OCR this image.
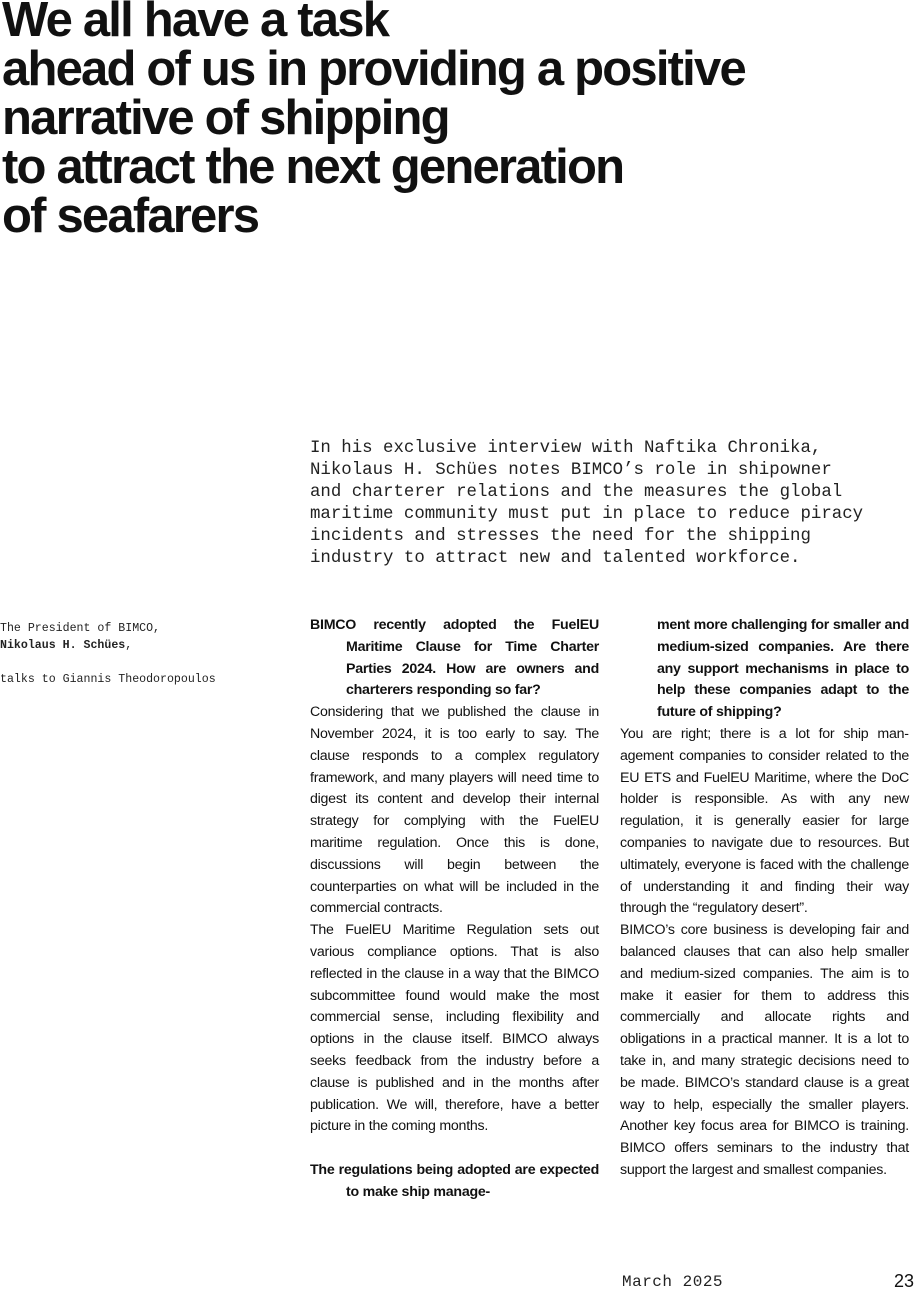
We all have a task
ahead of us in providing a positive
narrative of shipping
to attract the next generation
of seafarers
In his exclusive interview with Naftika Chronika,
Nikolaus H. Schües notes BIMCO’s role in shipowner
and charterer relations and the measures the global
maritime community must put in place to reduce piracy
incidents and stresses the need for the shipping
industry to attract new and talented workforce.

The President of BIMCO,

Nikolaus H. Schües,

talks to Giannis Theodoropoulos

BIMCO recently adopted the FuelEU Maritime Clause for Time Charter Parties 2024. How are owners and charterers responding so far?

Considering that we published the clause in November 2024, it is too early to say. The clause responds to a complex regulatory framework, and many players will need time to digest its content and develop their internal strategy for complying with the FuelEU maritime regulation. Once this is done, discussions will begin between the counterparties on what will be included in the commercial contracts.

The FuelEU Maritime Regulation sets out various compliance options. That is also reflected in the clause in a way that the BIMCO subcommittee found would make the most commercial sense, including flexibility and options in the clause itself. BIMCO always seeks feedback from the industry before a clause is published and in the months after publication. We will, therefore, have a better picture in the coming months.

The regulations being adopted are expected to make ship manage-

ment more challenging for smaller and medium-sized companies. Are there any support mechanisms in place to help these companies adapt to the future of shipping?

You are right; there is a lot for ship management companies to consider related to the EU ETS and FuelEU Maritime, where the DoC holder is responsible. As with any new regulation, it is generally easier for large companies to navigate due to resources. But ultimately, everyone is faced with the challenge of understanding it and finding their way through the “regulatory desert”.

BIMCO’s core business is developing fair and balanced clauses that can also help smaller and medium-sized companies. The aim is to make it easier for them to address this commercially and allocate rights and obligations in a practical manner. It is a lot to take in, and many strategic decisions need to be made. BIMCO’s standard clause is a great way to help, especially the smaller players. Another key focus area for BIMCO is training. BIMCO offers seminars to the industry that support the largest and smallest companies.

March 2025	23
